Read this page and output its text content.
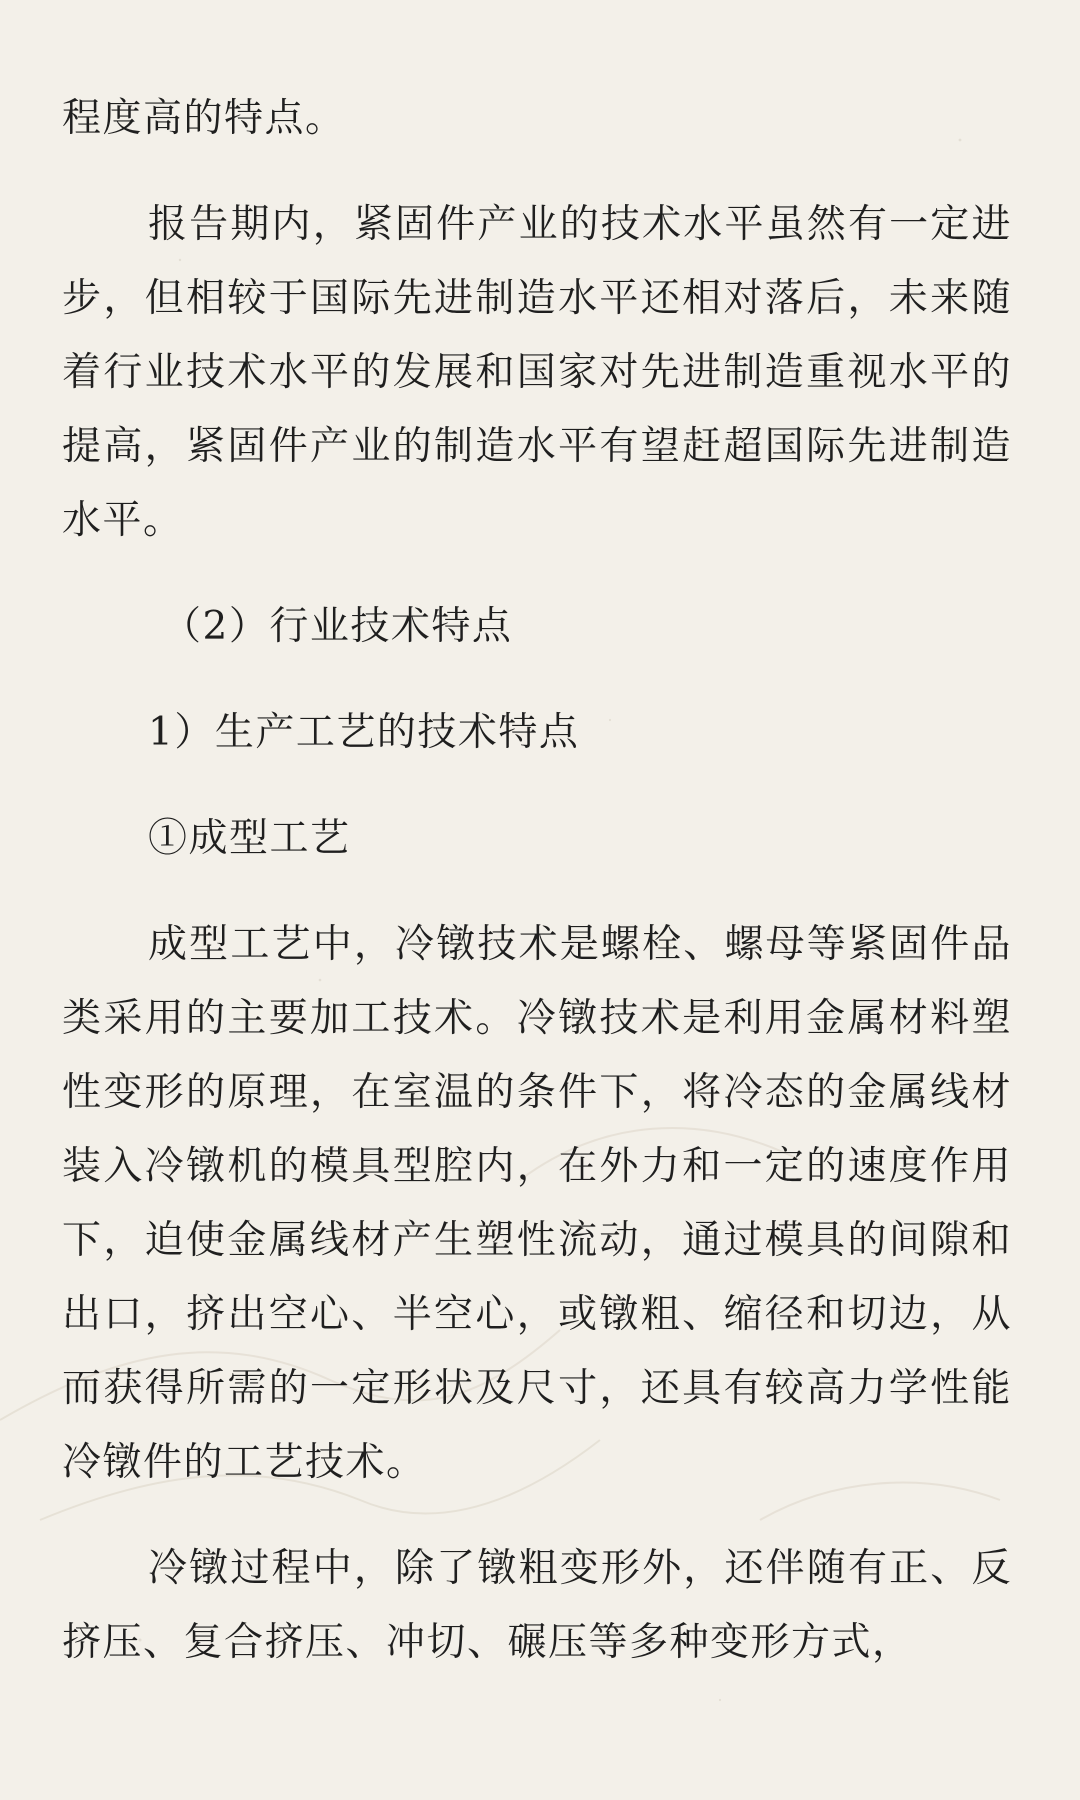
程度高的特点。

报告期内，紧固件产业的技术水平虽然有一定进步，但相较于国际先进制造水平还相对落后，未来随着行业技术水平的发展和国家对先进制造重视水平的提高，紧固件产业的制造水平有望赶超国际先进制造水平。

（2）行业技术特点

1）生产工艺的技术特点

①成型工艺

成型工艺中，冷镦技术是螺栓、螺母等紧固件品类采用的主要加工技术。冷镦技术是利用金属材料塑性变形的原理，在室温的条件下，将冷态的金属线材装入冷镦机的模具型腔内，在外力和一定的速度作用下，迫使金属线材产生塑性流动，通过模具的间隙和出口，挤出空心、半空心，或镦粗、缩径和切边，从而获得所需的一定形状及尺寸，还具有较高力学性能冷镦件的工艺技术。

冷镦过程中，除了镦粗变形外，还伴随有正、反挤压、复合挤压、冲切、碾压等多种变形方式，
